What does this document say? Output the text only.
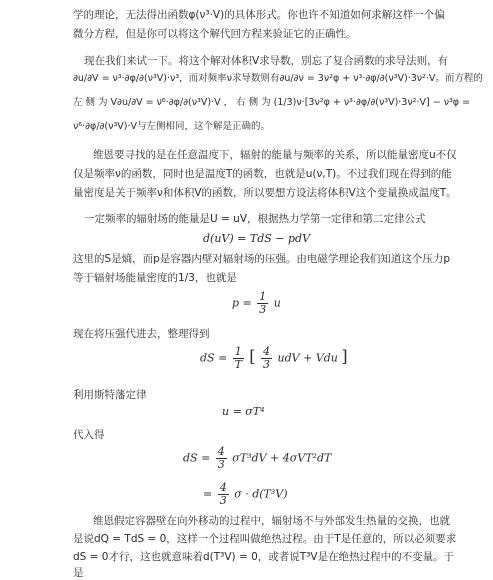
学的理论，无法得出函数φ(ν³·V)的具体形式。你也许不知道如何求解这样一个偏
微分方程，但是你可以将这个解代回方程来验证它的正确性。
现在我们来试一下。将这个解对体积V求导数，别忘了复合函数的求导法则，有
∂u/∂V = ν³·∂φ/∂(ν³V)·ν³，而对频率ν求导数则有∂u/∂ν = 3ν²φ + ν³·∂φ/∂(ν³V)·3ν²·V。而方程的
左 侧 为 V∂u/∂V = ν⁶·∂φ/∂(ν³V)·V ， 右 侧 为 (1/3)ν·[3ν²φ + ν³·∂φ/∂(ν³V)·3ν²·V] − ν³φ =
ν⁶·∂φ/∂(ν³V)·V与左侧相同，这个解是正确的。
维恩要寻找的是在任意温度下，辐射的能量与频率的关系，所以能量密度u不仅
仅是频率ν的函数，同时也是温度T的函数，也就是u(ν,T)。不过我们现在得到的能
量密度是关于频率ν和体积V的函数，所以要想方设法将体积V这个变量换成温度T。
一定频率的辐射场的能量是U = uV，根据热力学第一定律和第二定律公式
d(uV) = TdS − pdV
这里的S是熵，而p是容器内壁对辐射场的压强。由电磁学理论我们知道这个压力p
等于辐射场能量密度的1/3，也就是
$p = \frac{1}{3}$ u
现在将压强代进去，整理得到
dS = $\frac{1}{T}$ [ $\frac{4}{3}$ udV + Vdu ]
利用斯特藩定律
u = σT⁴
代入得
dS = $\frac{4}{3} \sigma T^3dV + 4\sigma VT^2dT$
= $\frac{4}{3}$ σ · d(T³V)
维恩假定容器壁在向外移动的过程中，辐射场不与外部发生热量的交换，也就
是说dQ = TdS = 0，这样一个过程叫做绝热过程。由于T是任意的，所以必须要求
dS = 0才行，这也就意味着d(T³V) = 0，或者说T³V是在绝热过程中的不变量。于
是
